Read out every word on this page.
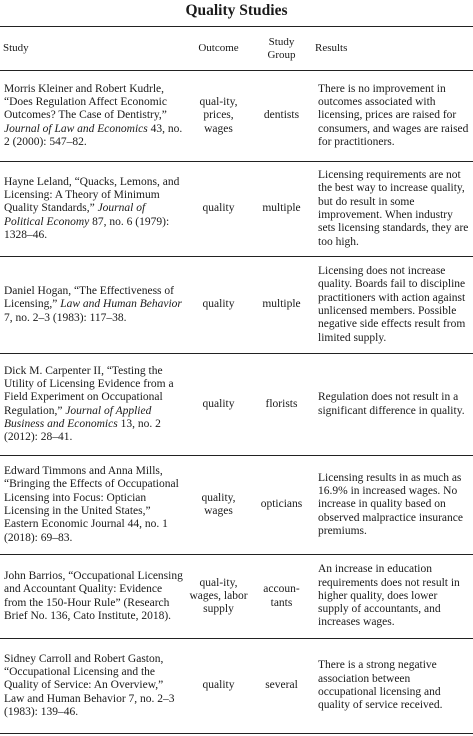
Quality Studies
Study	Outcome	Study Group	Results
Morris Kleiner and Robert Kudrle, “Does Regulation Affect Economic Outcomes? The Case of Dentistry,” Journal of Law and Economics 43, no. 2 (2000): 547–82.	qual-ity, prices, wages	dentists	There is no improvement in outcomes associated with licensing, prices are raised for consumers, and wages are raised for practitioners.
Hayne Leland, “Quacks, Lemons, and Licensing: A Theory of Minimum Quality Standards,” Journal of Political Economy 87, no. 6 (1979): 1328–46.	quality	multiple	Licensing requirements are not the best way to increase quality, but do result in some improvement. When industry sets licensing standards, they are too high.
Daniel Hogan, “The Effectiveness of Licensing,” Law and Human Behavior 7, no. 2–3 (1983): 117–38.	quality	multiple	Licensing does not increase quality. Boards fail to discipline practitioners with action against unlicensed members. Possible negative side effects result from limited supply.
Dick M. Carpenter II, “Testing the Utility of Licensing Evidence from a Field Experiment on Occupational Regulation,” Journal of Applied Business and Economics 13, no. 2 (2012): 28–41.	quality	florists	Regulation does not result in a significant difference in quality.
Edward Timmons and Anna Mills, “Bringing the Effects of Occupational Licensing into Focus: Optician Licensing in the United States,” Eastern Economic Journal 44, no. 1 (2018): 69–83.	quality, wages	opticians	Licensing results in as much as 16.9% in increased wages. No increase in quality based on observed malpractice insurance premiums.
John Barrios, “Occupational Licensing and Accountant Quality: Evidence from the 150-Hour Rule” (Research Brief No. 136, Cato Institute, 2018).	qual-ity, wages, labor supply	accoun-tants	An increase in education requirements does not result in higher quality, does lower supply of accountants, and increases wages.
Sidney Carroll and Robert Gaston, “Occupational Licensing and the Quality of Service: An Overview,” Law and Human Behavior 7, no. 2–3 (1983): 139–46.	quality	several	There is a strong negative association between occupational licensing and quality of service received.
